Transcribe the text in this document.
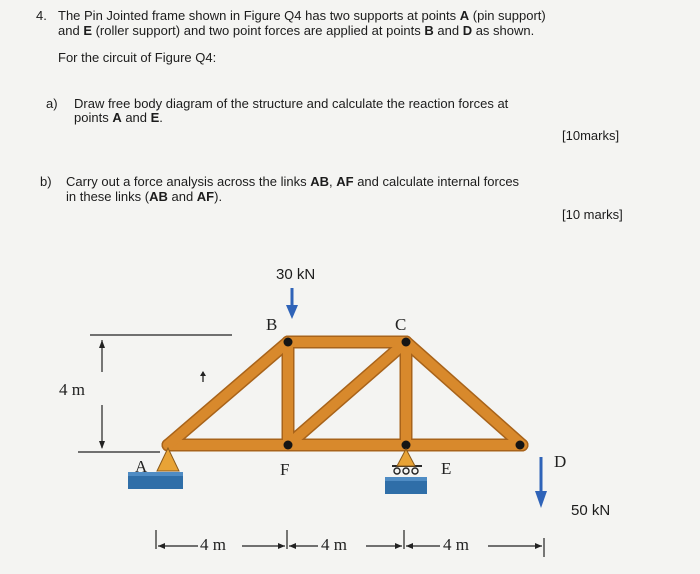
4. The Pin Jointed frame shown in Figure Q4 has two supports at points A (pin support)
and E (roller support) and two point forces are applied at points B and D as shown.
For the circuit of Figure Q4:
a) Draw free body diagram of the structure and calculate the reaction forces at
points A and E.
[10marks]
b) Carry out a force analysis across the links AB, AF and calculate internal forces
in these links (AB and AF).
[10 marks]
B	C
A	F	E	D
30 kN
50 kN
4 m
4 m	4 m	4 m
